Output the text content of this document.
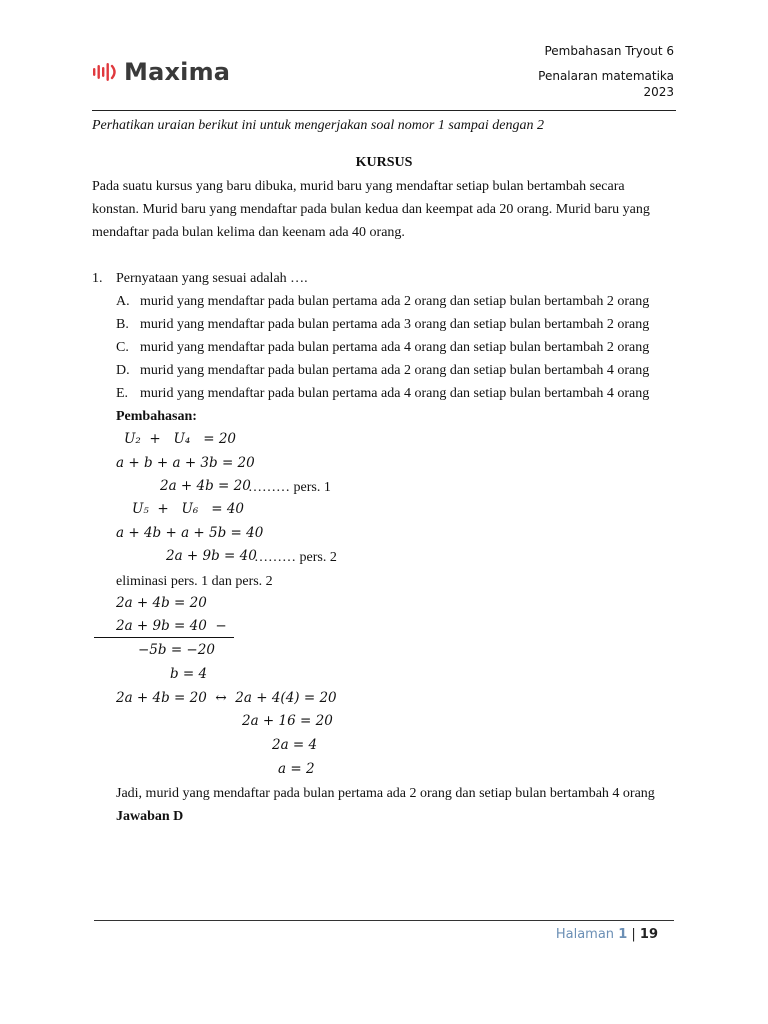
Maxima
Pembahasan Tryout 6
Penalaran matematika
2023
Perhatikan uraian berikut ini untuk mengerjakan soal nomor 1 sampai dengan 2
KURSUS
Pada suatu kursus yang baru dibuka, murid baru yang mendaftar setiap bulan bertambah secara
konstan. Murid baru yang mendaftar pada bulan kedua dan keempat ada 20 orang. Murid baru yang
mendaftar pada bulan kelima dan keenam ada 40 orang.
1. Pernyataan yang sesuai adalah ….
A. murid yang mendaftar pada bulan pertama ada 2 orang dan setiap bulan bertambah 2 orang
B. murid yang mendaftar pada bulan pertama ada 3 orang dan setiap bulan bertambah 2 orang
C. murid yang mendaftar pada bulan pertama ada 4 orang dan setiap bulan bertambah 2 orang
D. murid yang mendaftar pada bulan pertama ada 2 orang dan setiap bulan bertambah 4 orang
E. murid yang mendaftar pada bulan pertama ada 4 orang dan setiap bulan bertambah 4 orang
Pembahasan:
U₂  +   U₄   = 20
a + b + a + 3b = 20
2a + 4b = 20
……… pers. 1
U₅  +   U₆   = 40
a + 4b + a + 5b = 40
2a + 9b = 40
……… pers. 2
eliminasi pers. 1 dan pers. 2
2a + 4b = 20
2a + 9b = 40  −
−5b = −20
b = 4
2a + 4b = 20  ↔  2a + 4(4) = 20
2a + 16 = 20
2a = 4
a = 2
Jadi, murid yang mendaftar pada bulan pertama ada 2 orang dan setiap bulan bertambah 4 orang
Jawaban D
Halaman 1 | 19
